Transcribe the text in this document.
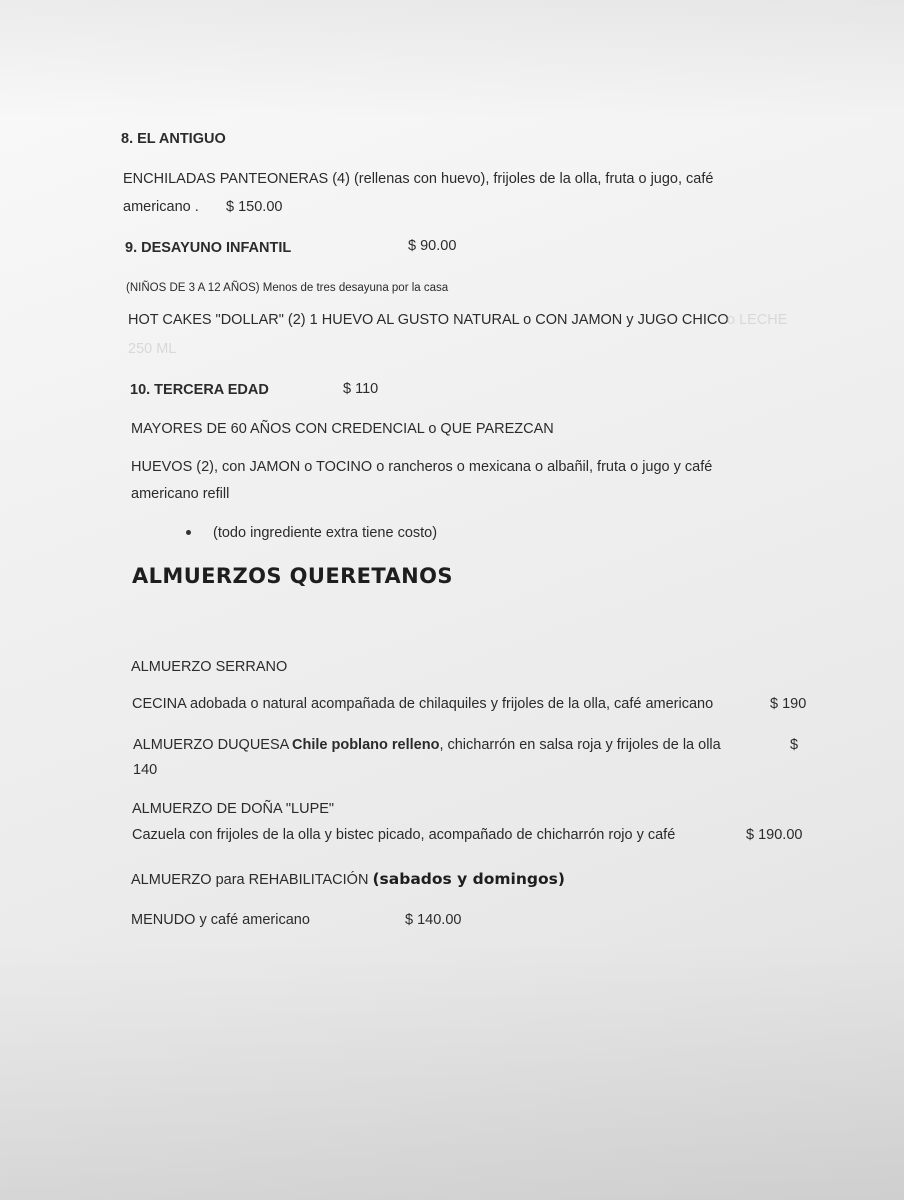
8. EL ANTIGUO
ENCHILADAS PANTEONERAS (4) (rellenas con huevo), frijoles de la olla, fruta o jugo, café
americano . $ 150.00
9. DESAYUNO INFANTIL	$ 90.00
(NIÑOS DE 3 A 12 AÑOS) Menos de tres desayuna por la casa
HOT CAKES "DOLLAR" (2) 1 HUEVO AL GUSTO NATURAL o CON JAMON y JUGO CHICO
o LECHE
250 ML
10. TERCERA EDAD	$ 110
MAYORES DE 60 AÑOS CON CREDENCIAL o QUE PAREZCAN
HUEVOS (2), con JAMON o TOCINO o rancheros o mexicana o albañil, fruta o jugo y café
americano refill
(todo ingrediente extra tiene costo)
ALMUERZOS QUERETANOS
ALMUERZO SERRANO
CECINA adobada o natural acompañada de chilaquiles y frijoles de la olla, café americano	$ 190
ALMUERZO DUQUESA Chile poblano relleno, chicharrón en salsa roja y frijoles de la olla	$
140
ALMUERZO DE DOÑA "LUPE"
Cazuela con frijoles de la olla y bistec picado, acompañado de chicharrón rojo y café	$ 190.00
ALMUERZO para REHABILITACIÓN (sabados y domingos)
MENUDO y café americano	$ 140.00
